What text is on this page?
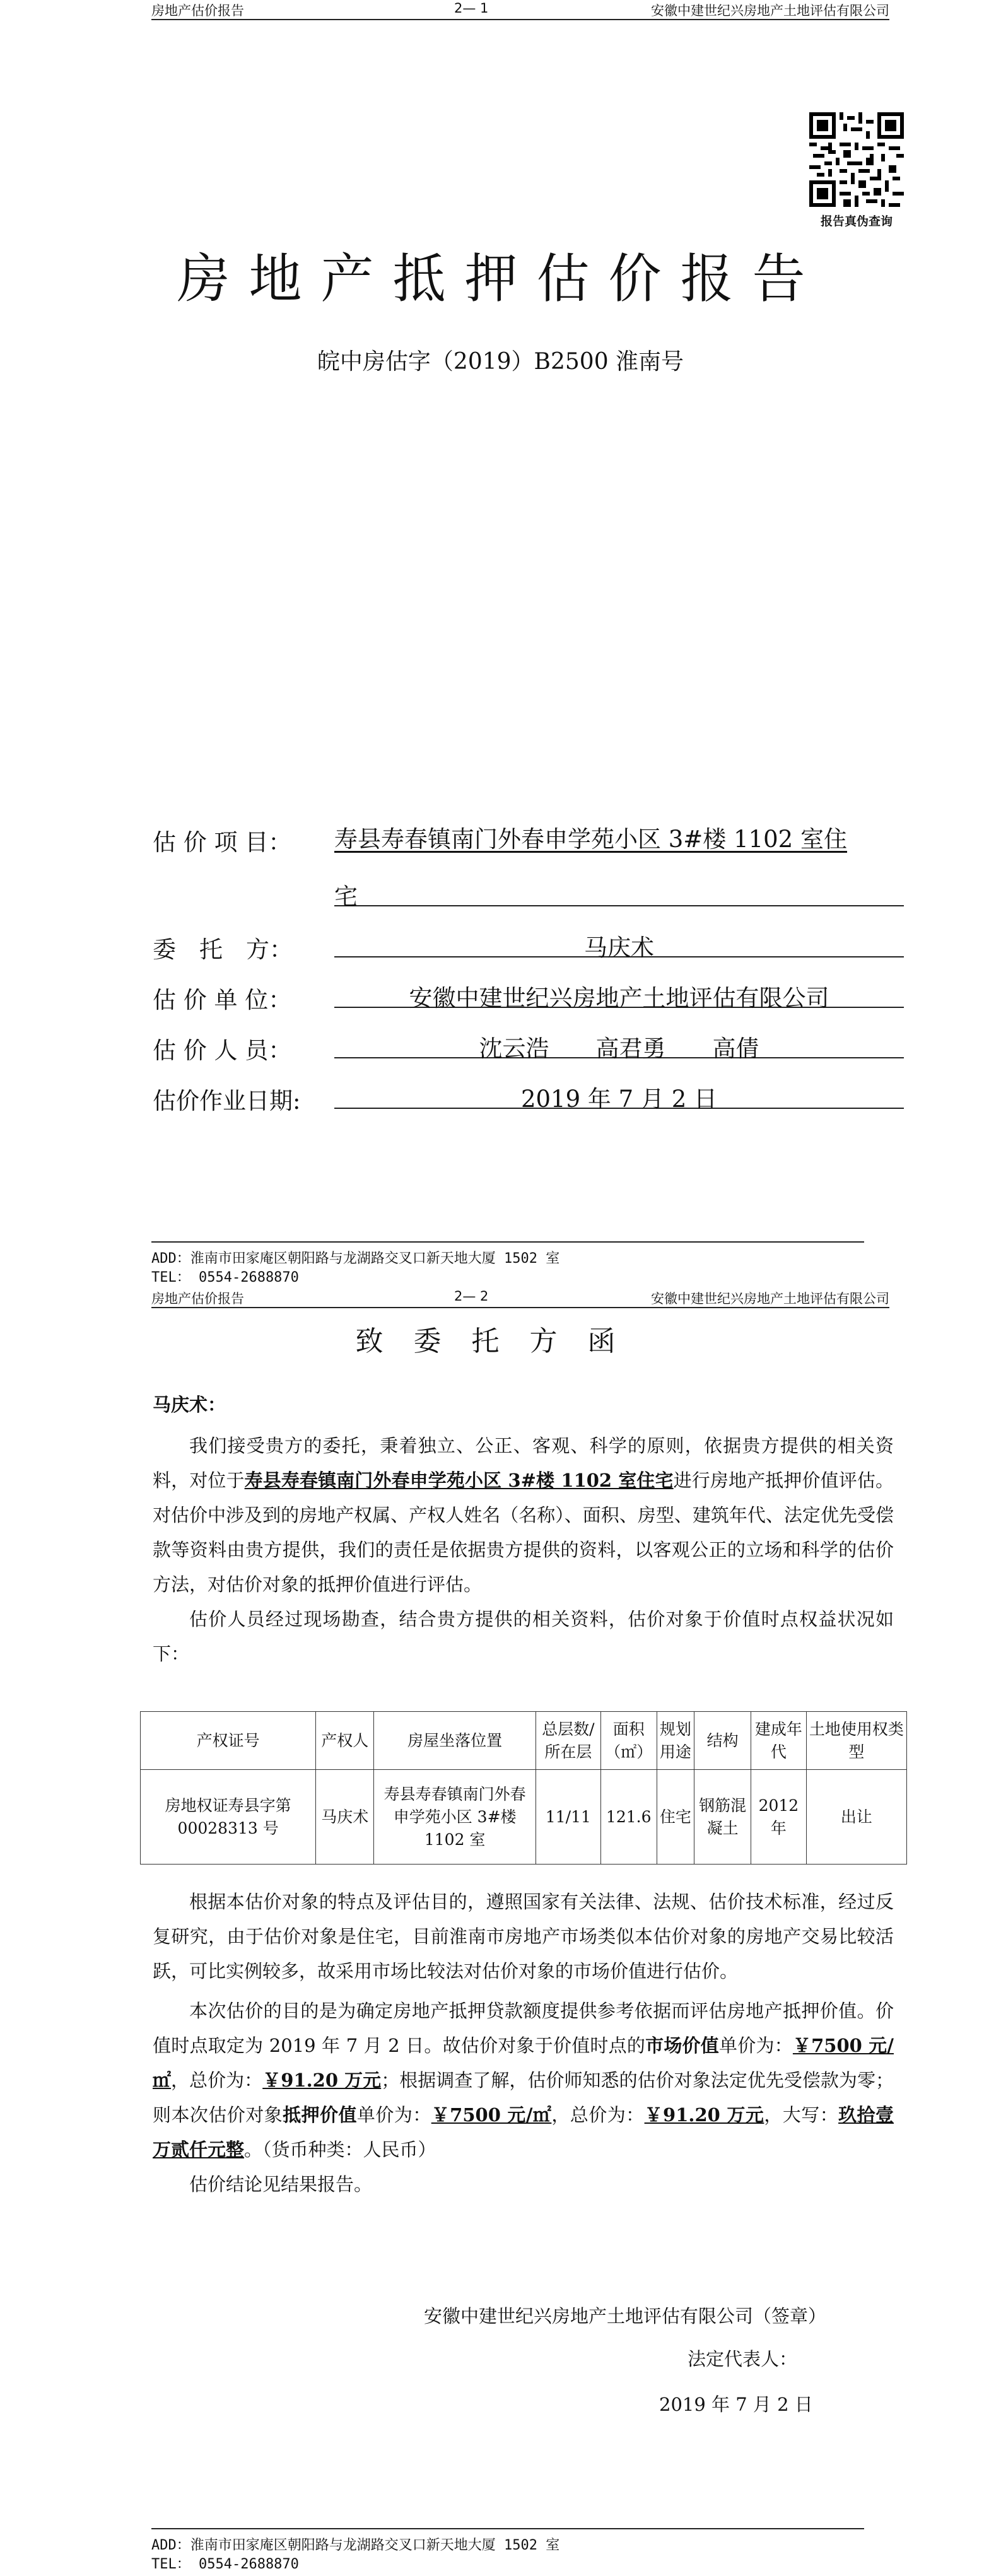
房地产估价报告	2— 1	安徽中建世纪兴房地产土地评估有限公司
报告真伪查询
房地产抵押估价报告
皖中房估字（2019）B2500 淮南号
估 价 项 目： 寿县寿春镇南门外春申学苑小区 3#楼 1102 室住
宅
委　托　方：	马庆术
估 价 单 位：	安徽中建世纪兴房地产土地评估有限公司
估 价 人 员：	沈云浩　　高君勇　　高倩
估价作业日期:	2019 年 7 月 2 日
ADD：淮南市田家庵区朝阳路与龙湖路交叉口新天地大厦 1502 室
TEL： 0554-2688870
房地产估价报告	2— 2	安徽中建世纪兴房地产土地评估有限公司
致委托方函
马庆术：

我们接受贵方的委托，秉着独立、公正、客观、科学的原则，依据贵方提供的相关资料，对位于寿县寿春镇南门外春申学苑小区 3#楼 1102 室住宅进行房地产抵押价值评估。对估价中涉及到的房地产权属、产权人姓名（名称）、面积、房型、建筑年代、法定优先受偿款等资料由贵方提供，我们的责任是依据贵方提供的资料，以客观公正的立场和科学的估价方法，对估价对象的抵押价值进行评估。

估价人员经过现场勘查，结合贵方提供的相关资料，估价对象于价值时点权益状况如下：

产权证号	产权人	房屋坐落位置	总层数/所在层	面积（㎡）	规划用途	结构	建成年代	土地使用权类型
房地权证寿县字第 00028313 号	马庆术	寿县寿春镇南门外春申学苑小区 3#楼 1102 室	11/11	121.6	住宅	钢筋混凝土	2012 年	出让

根据本估价对象的特点及评估目的，遵照国家有关法律、法规、估价技术标准，经过反复研究，由于估价对象是住宅，目前淮南市房地产市场类似本估价对象的房地产交易比较活跃，可比实例较多，故采用市场比较法对估价对象的市场价值进行估价。

本次估价的目的是为确定房地产抵押贷款额度提供参考依据而评估房地产抵押价值。价值时点取定为 2019 年 7 月 2 日。故估价对象于价值时点的市场价值单价为：￥7500 元/㎡，总价为：￥91.20 万元；根据调查了解，估价师知悉的估价对象法定优先受偿款为零；则本次估价对象抵押价值单价为：￥7500 元/㎡，总价为：￥91.20 万元，大写：玖拾壹万贰仟元整。（货币种类：人民币）

估价结论见结果报告。

安徽中建世纪兴房地产土地评估有限公司（签章）
法定代表人：
2019 年 7 月 2 日
ADD：淮南市田家庵区朝阳路与龙湖路交叉口新天地大厦 1502 室
TEL： 0554-2688870
